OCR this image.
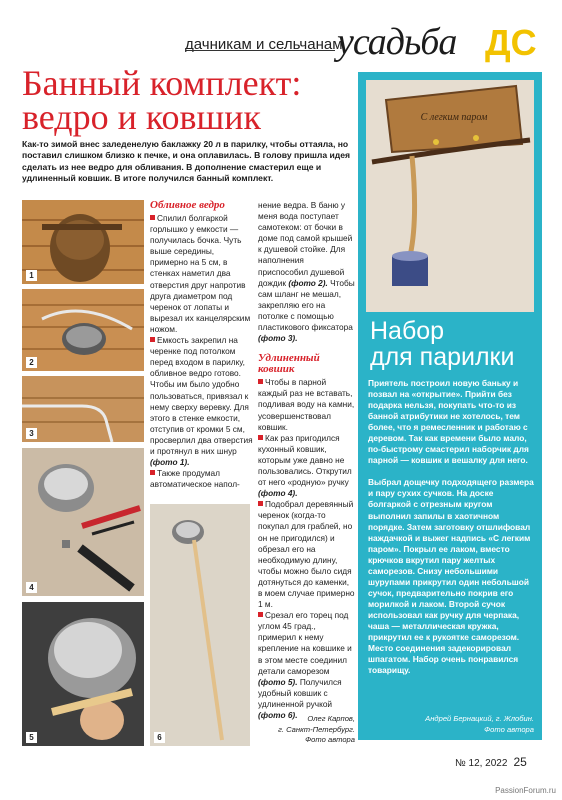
дачникам и сельчанам
усадьба ДС
Банный комплект:
ведро и ковшик
Как-то зимой внес заледенелую баклажку 20 л в парилку, чтобы оттаяла, но поставил слишком близко к печке, и она оплавилась. В голову пришла идея сделать из нее ведро для обливания. В дополнение смастерил еще и удлиненный ковшик. В итоге получился банный комплект.
1
2
3
4
5	6
Обливное ведро

Спилил болгаркой горлышко у емкости — получилась бочка. Чуть выше середины, примерно на 5 см, в стенках наметил два отверстия друг напротив друга диаметром под черенок от лопаты и вырезал их канцелярским ножом.

Емкость закрепил на черенке под потолком перед входом в парилку, обливное ведро готово. Чтобы им было удобно пользоваться, привязал к нему сверху веревку. Для этого в стенке емкости, отступив от кромки 5 см, просверлил два отверстия и протянул в них шнур (фото 1).

Также продумал автоматическое напол-

нение ведра. В баню у меня вода поступает самотеком: от бочки в доме под самой крышей к душевой стойке. Для наполнения приспособил душевой дождик (фото 2). Чтобы сам шланг не мешал, закрепляю его на потолке с помощью пластикового фиксатора (фото 3).

Удлиненный ковшик

Чтобы в парной каждый раз не вставать, подливая воду на камни, усовершенствовал ковшик.

Как раз пригодился кухонный ковшик, которым уже давно не пользовались. Открутил от него «родную» ручку (фото 4).

Подобрал деревянный черенок (когда-то покупал для граблей, но он не пригодился) и обрезал его на необходимую длину, чтобы можно было сидя дотянуться до каменки, в моем случае примерно 1 м.

Срезал его торец под углом 45 град., примерил к нему крепление на ковшике и в этом месте соединил детали саморезом (фото 5). Получился удобный ковшик с удлиненной ручкой (фото 6).	Олег Карпов,
г. Санкт-Петербург.
Фото автора
С легким паром
Набор
для парилки

Приятель построил новую баньку и позвал на «открытие». Прийти без подарка нельзя, покупать что-то из банной атрибутики не хотелось, тем более, что я ремесленник и работаю с деревом. Так как времени было мало, по-быстрому смастерил наборчик для парной — ковшик и вешалку для него.

Выбрал дощечку подходящего размера и пару сухих сучков. На доске болгаркой с отрезным кругом выполнил запилы в хаотичном порядке. Затем заготовку отшлифовал наждачкой и выжег надпись «С легким паром». Покрыл ее лаком, вместо крючков вкрутил пару желтых саморезов. Снизу небольшими шурупами прикрутил один небольшой сучок, предварительно покрив его морилкой и лаком. Второй сучок использовал как ручку для черпака, чаша — металлическая кружка, прикрутил ее к рукоятке саморезом. Место соединения задекорировал шпагатом. Набор очень понравился товарищу.

Андрей Бернацкий, г. Жлобин.
Фото автора
№ 12, 2022 25
PassionForum.ru
